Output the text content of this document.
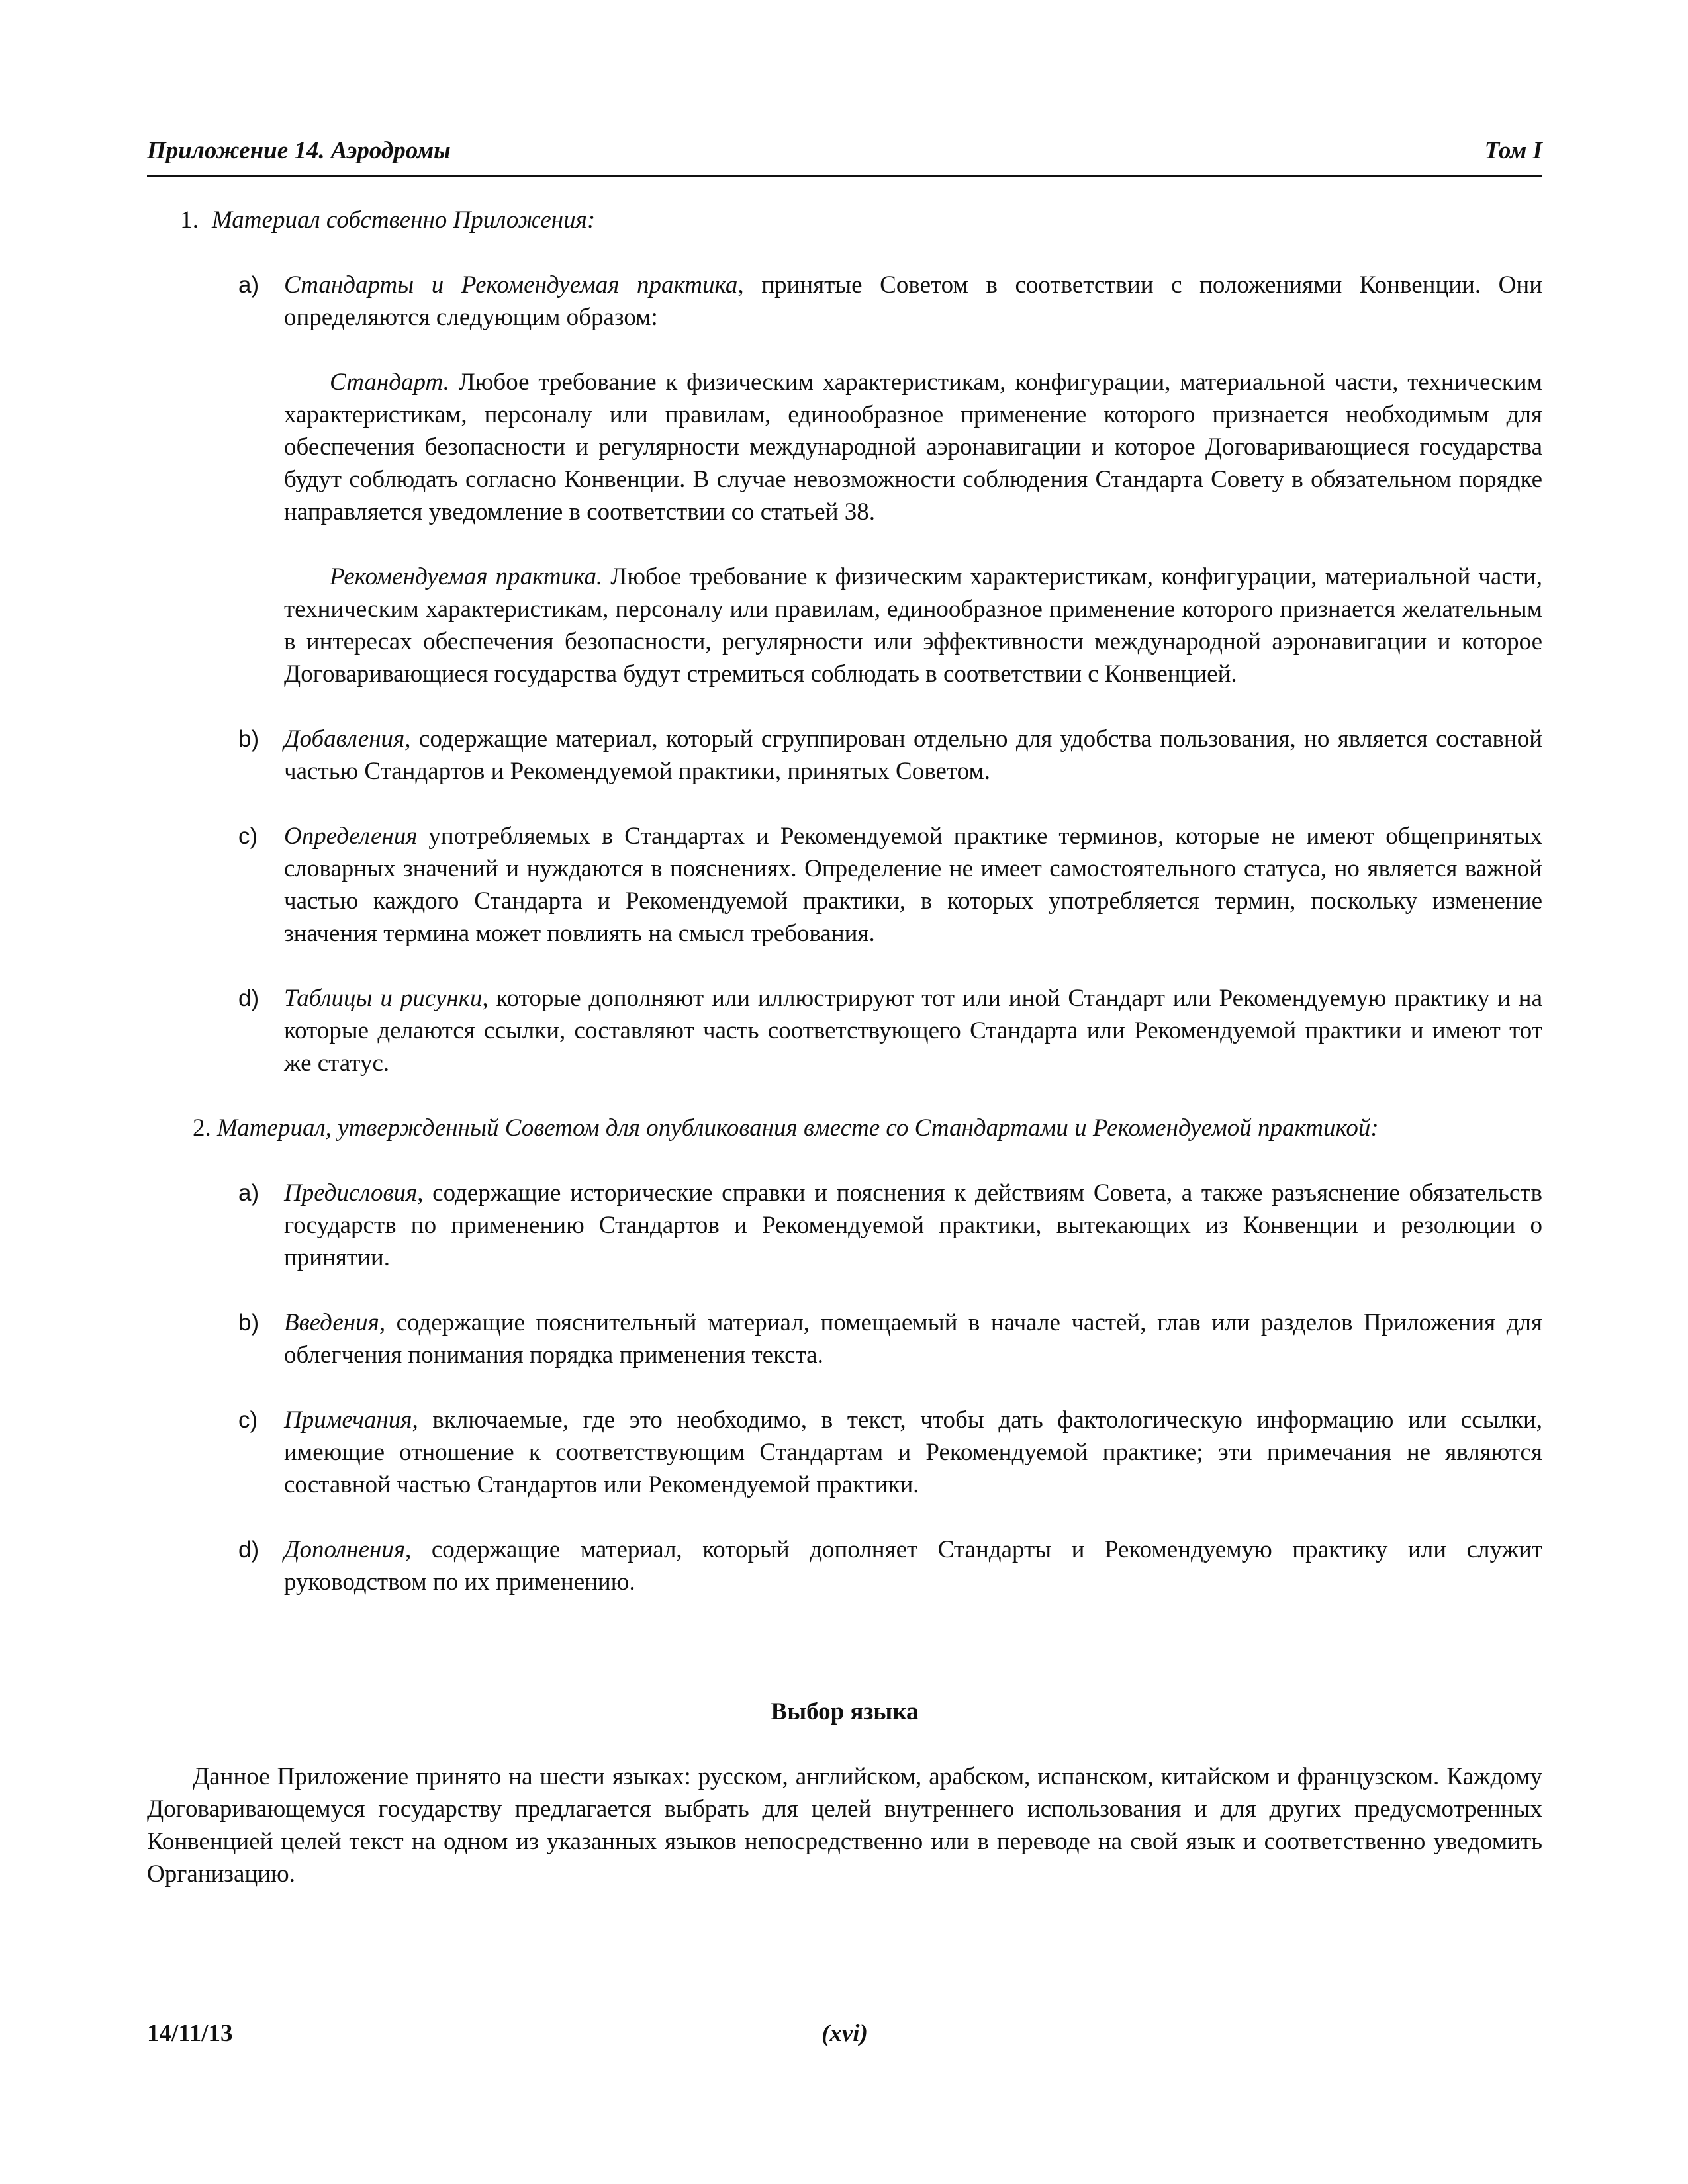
Приложение 14. Аэродромы	Том I
1. Материал собственно Приложения:
a)	Стандарты и Рекомендуемая практика, принятые Советом в соответствии с положениями Конвенции. Они определяются следующим образом:

Стандарт. Любое требование к физическим характеристикам, конфигурации, материальной части, техническим характеристикам, персоналу или правилам, единообразное применение которого признается необходимым для обеспечения безопасности и регулярности международной аэронавигации и которое Договаривающиеся государства будут соблюдать согласно Конвенции. В случае невозможности соблюдения Стандарта Совету в обязательном порядке направляется уведомление в соответствии со статьей 38.

Рекомендуемая практика. Любое требование к физическим характеристикам, конфигурации, материальной части, техническим характеристикам, персоналу или правилам, единообразное применение которого признается желательным в интересах обеспечения безопасности, регулярности или эффективности международной аэронавигации и которое Договаривающиеся государства будут стремиться соблюдать в соответствии с Конвенцией.

b)	Добавления, содержащие материал, который сгруппирован отдельно для удобства пользования, но является составной частью Стандартов и Рекомендуемой практики, принятых Советом.

c)	Определения употребляемых в Стандартах и Рекомендуемой практике терминов, которые не имеют общепринятых словарных значений и нуждаются в пояснениях. Определение не имеет самостоятельного статуса, но является важной частью каждого Стандарта и Рекомендуемой практики, в которых употребляется термин, поскольку изменение значения термина может повлиять на смысл требования.

d)	Таблицы и рисунки, которые дополняют или иллюстрируют тот или иной Стандарт или Рекомендуемую практику и на которые делаются ссылки, составляют часть соответствующего Стандарта или Рекомендуемой практики и имеют тот же статус.

2. Материал, утвержденный Советом для опубликования вместе со Стандартами и Рекомендуемой практикой:

a)	Предисловия, содержащие исторические справки и пояснения к действиям Совета, а также разъяснение обязательств государств по применению Стандартов и Рекомендуемой практики, вытекающих из Конвенции и резолюции о принятии.

b)	Введения, содержащие пояснительный материал, помещаемый в начале частей, глав или разделов Приложения для облегчения понимания порядка применения текста.

c)	Примечания, включаемые, где это необходимо, в текст, чтобы дать фактологическую информацию или ссылки, имеющие отношение к соответствующим Стандартам и Рекомендуемой практике; эти примечания не являются составной частью Стандартов или Рекомендуемой практики.

d)	Дополнения, содержащие материал, который дополняет Стандарты и Рекомендуемую практику или служит руководством по их применению.

Выбор языка

Данное Приложение принято на шести языках: русском, английском, арабском, испанском, китайском и французском. Каждому Договаривающемуся государству предлагается выбрать для целей внутреннего использования и для других предусмотренных Конвенцией целей текст на одном из указанных языков непосредственно или в переводе на свой язык и соответственно уведомить Организацию.

(xvi)
14/11/13
